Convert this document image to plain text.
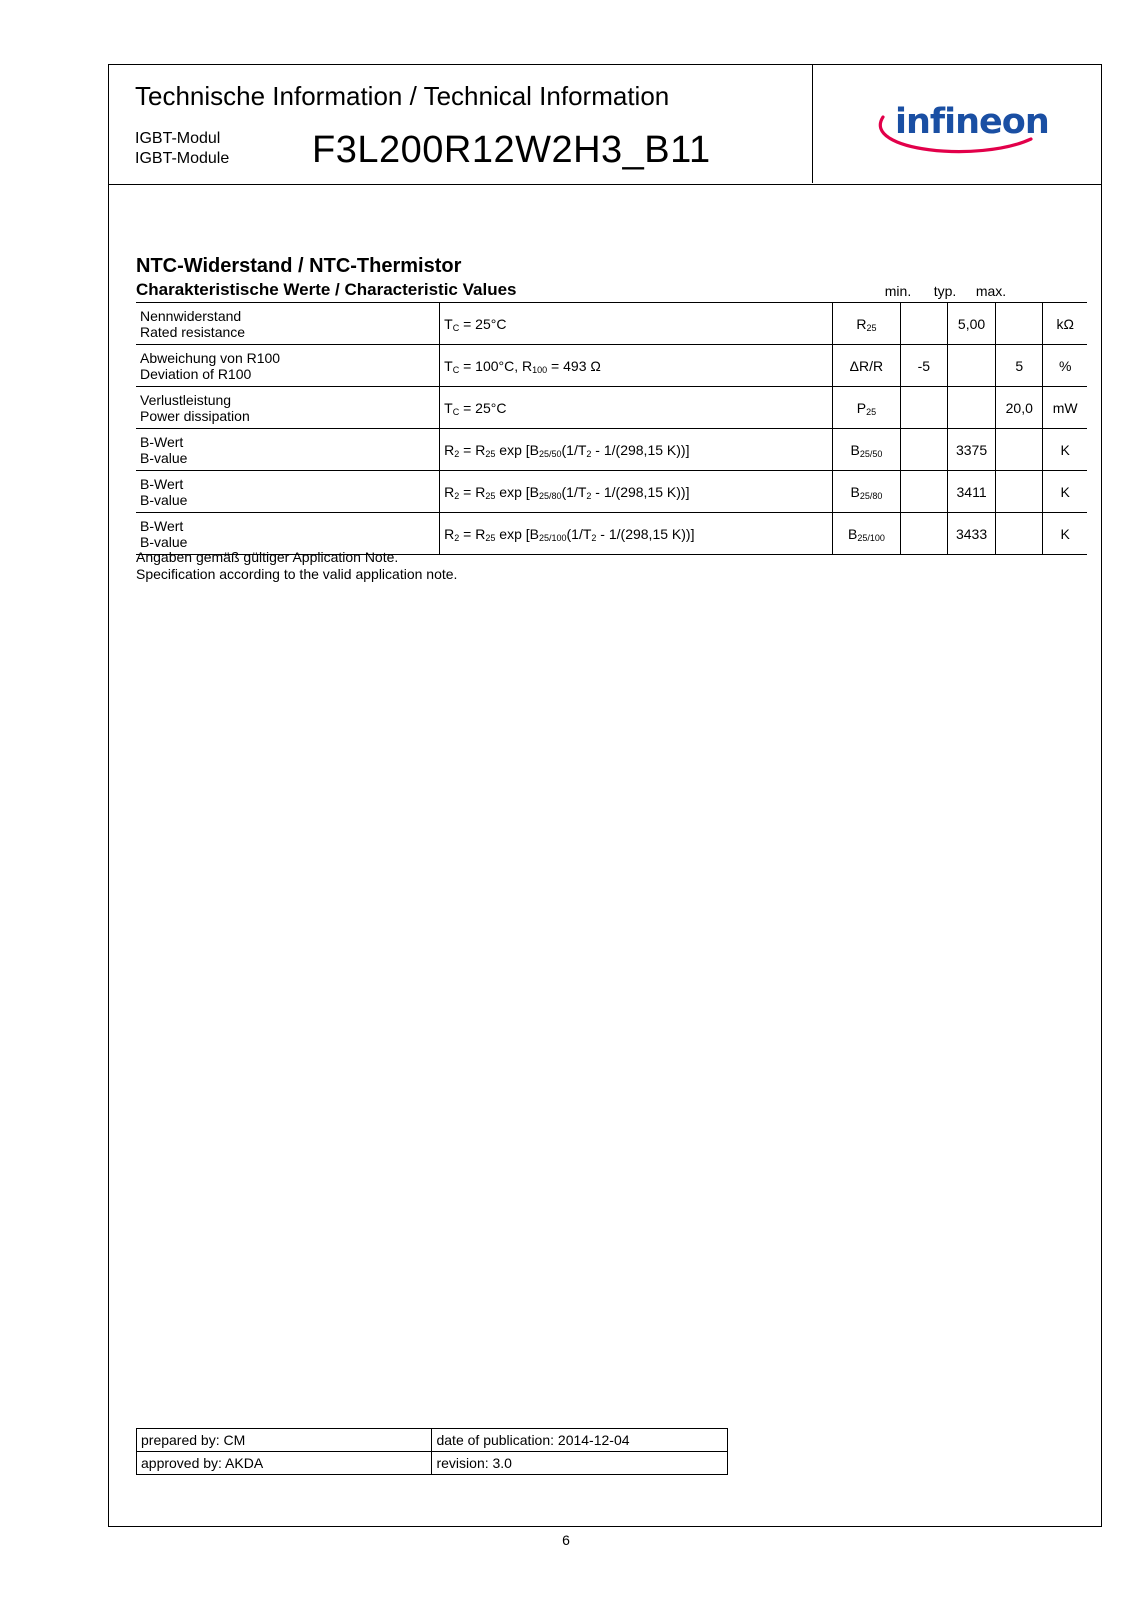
Technische Information / Technical Information
IGBT-Modul
IGBT-Module F3L200R12W2H3_B11
infineon
NTC-Widerstand / NTC-Thermistor
Charakteristische Werte / Characteristic Values	min.	typ.	max.
Nennwiderstand
Rated resistance	$T_C = 25^\circ C$	$R_{25}$		5,00		kΩ

Abweichung von R100
Deviation of R100	$T_C = 100^\circ C$, $R_{100} = 493$ Ω	ΔR/R	-5		5	%

Verlustleistung
Power dissipation	$T_C = 25^\circ C$	$P_{25}$			20,0	mW

B-Wert
B-value	$R_2 = R_{25}$ $\exp [B_{25/50}(1/T_2 - 1/(298,15$ K))]	$B_{25/50}$		3375		K

B-Wert
B-value	$R_2 = R_{25}$ $\exp [B_{25/80}(1/T_2 - 1/(298,15$ K))]	$B_{25/80}$		3411		K

B-Wert
B-value	$R_2 = R_{25}$ $\exp [B_{25/100}(1/T_2 - 1/(298,15$ K))]	$B_{25/100}$		3433		K
Angaben gemäß gültiger Application Note.
Specification according to the valid application note.
prepared by: CM	date of publication: 2014-12-04
approved by: AKDA	revision: 3.0
6
